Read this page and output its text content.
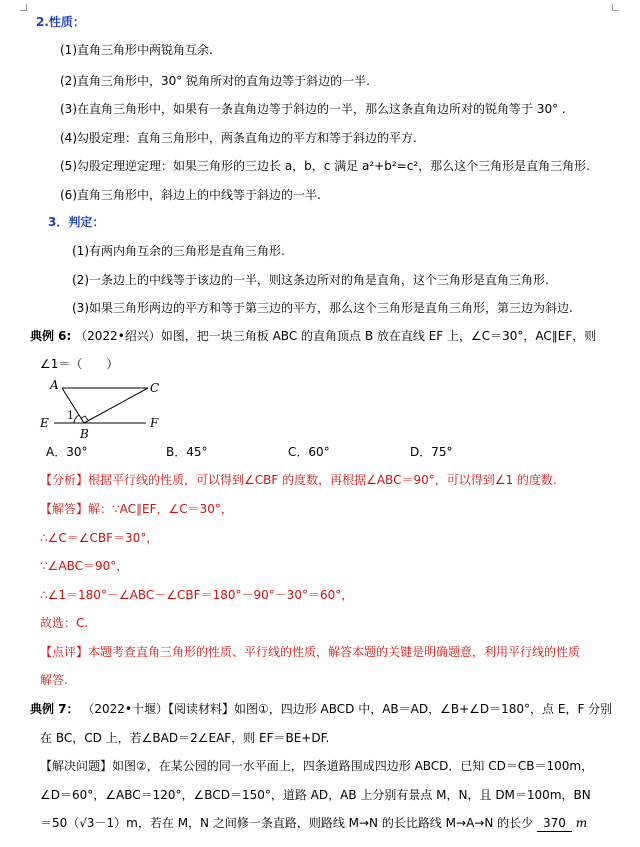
2.性质：
(1)直角三角形中两锐角互余.
(2)直角三角形中，30° 锐角所对的直角边等于斜边的一半.
(3)在直角三角形中，如果有一条直角边等于斜边的一半，那么这条直角边所对的锐角等于 30° .
(4)勾股定理：直角三角形中，两条直角边的平方和等于斜边的平方.
(5)勾股定理逆定理：如果三角形的三边长 a，b，c 满足 a²+b²=c²，那么这个三角形是直角三角形.
(6)直角三角形中，斜边上的中线等于斜边的一半.
3．判定：
(1)有两内角互余的三角形是直角三角形.
(2)一条边上的中线等于该边的一半，则这条边所对的角是直角，这个三角形是直角三角形.
(3)如果三角形两边的平方和等于第三边的平方，那么这个三角形是直角三角形，第三边为斜边.
典例 6: （2022•绍兴）如图，把一块三角板 ABC 的直角顶点 B 放在直线 EF 上，∠C＝30°，AC∥EF，则
∠1＝（　　）
A	C
E	F
B
1
A．30°	B．45°	C．60°	D．75°
【分析】根据平行线的性质，可以得到∠CBF 的度数，再根据∠ABC＝90°，可以得到∠1 的度数.
【解答】解：∵AC∥EF，∠C＝30°，
∴∠C＝∠CBF＝30°，
∵∠ABC＝90°，
∴∠1＝180°－∠ABC－∠CBF＝180°－90°－30°＝60°，
故选：C.
【点评】本题考查直角三角形的性质、平行线的性质，解答本题的关键是明确题意，利用平行线的性质
解答.
典例 7： （2022•十堰）【阅读材料】如图①，四边形 ABCD 中，AB＝AD，∠B+∠D＝180°，点 E，F 分别
在 BC，CD 上，若∠BAD＝2∠EAF，则 EF＝BE+DF.
【解决问题】如图②，在某公园的同一水平面上，四条道路围成四边形 ABCD．已知 CD＝CB＝100m，
∠D＝60°，∠ABC＝120°，∠BCD＝150°，道路 AD，AB 上分别有景点 M，N，且 DM＝100m，BN
＝50（√3－1）m，若在 M，N 之间修一条直路，则路线 M→N 的长比路线 M→A→N 的长少 370 m
